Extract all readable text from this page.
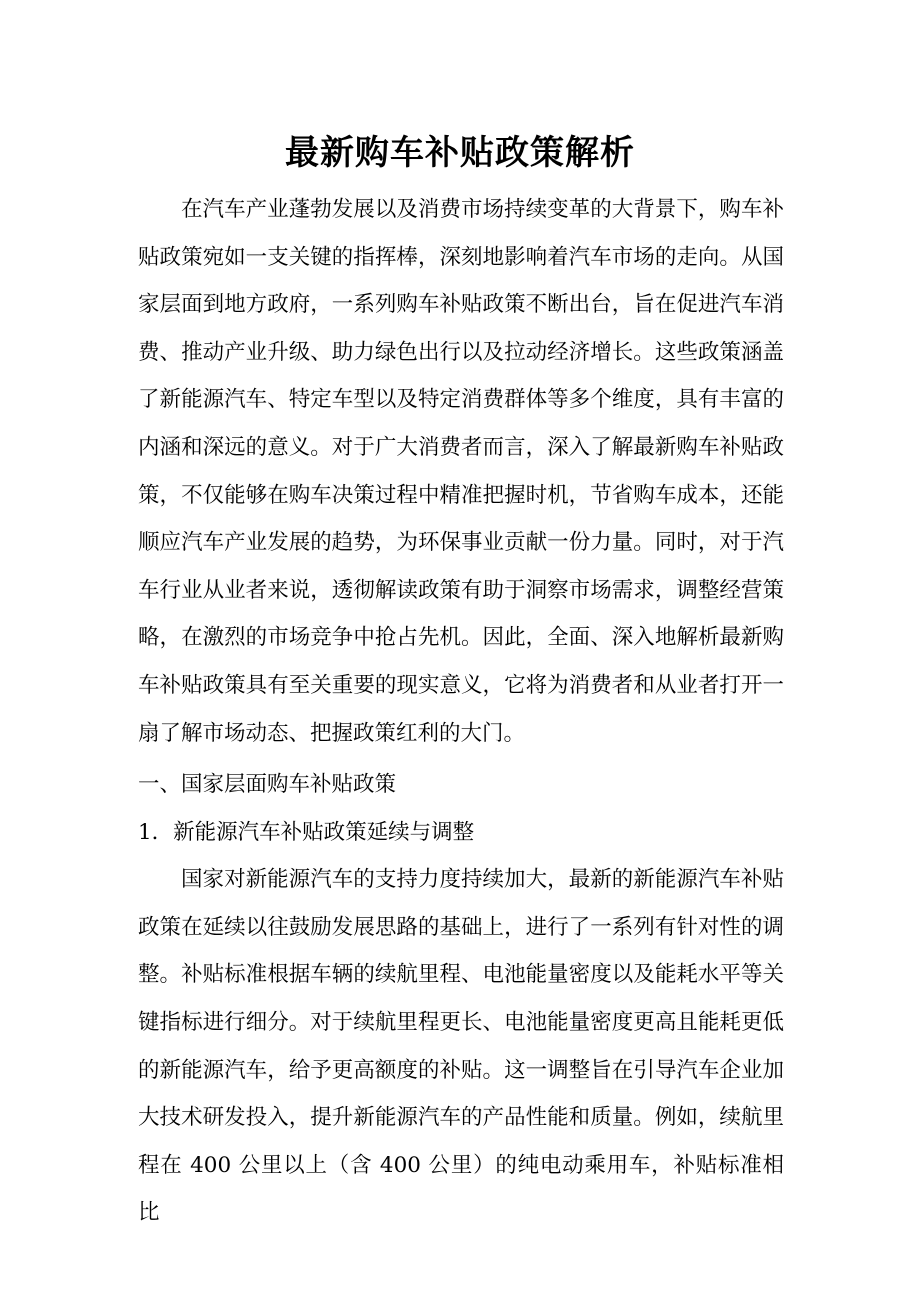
最新购车补贴政策解析

在汽车产业蓬勃发展以及消费市场持续变革的大背景下，购车补贴政策宛如一支关键的指挥棒，深刻地影响着汽车市场的走向。从国家层面到地方政府，一系列购车补贴政策不断出台，旨在促进汽车消费、推动产业升级、助力绿色出行以及拉动经济增长。这些政策涵盖了新能源汽车、特定车型以及特定消费群体等多个维度，具有丰富的内涵和深远的意义。对于广大消费者而言，深入了解最新购车补贴政策，不仅能够在购车决策过程中精准把握时机，节省购车成本，还能顺应汽车产业发展的趋势，为环保事业贡献一份力量。同时，对于汽车行业从业者来说，透彻解读政策有助于洞察市场需求，调整经营策略，在激烈的市场竞争中抢占先机。因此，全面、深入地解析最新购车补贴政策具有至关重要的现实意义，它将为消费者和从业者打开一扇了解市场动态、把握政策红利的大门。

一、国家层面购车补贴政策

1．新能源汽车补贴政策延续与调整

国家对新能源汽车的支持力度持续加大，最新的新能源汽车补贴政策在延续以往鼓励发展思路的基础上，进行了一系列有针对性的调整。补贴标准根据车辆的续航里程、电池能量密度以及能耗水平等关键指标进行细分。对于续航里程更长、电池能量密度更高且能耗更低的新能源汽车，给予更高额度的补贴。这一调整旨在引导汽车企业加大技术研发投入，提升新能源汽车的产品性能和质量。例如，续航里程在 400 公里以上（含 400 公里）的纯电动乘用车，补贴标准相比
